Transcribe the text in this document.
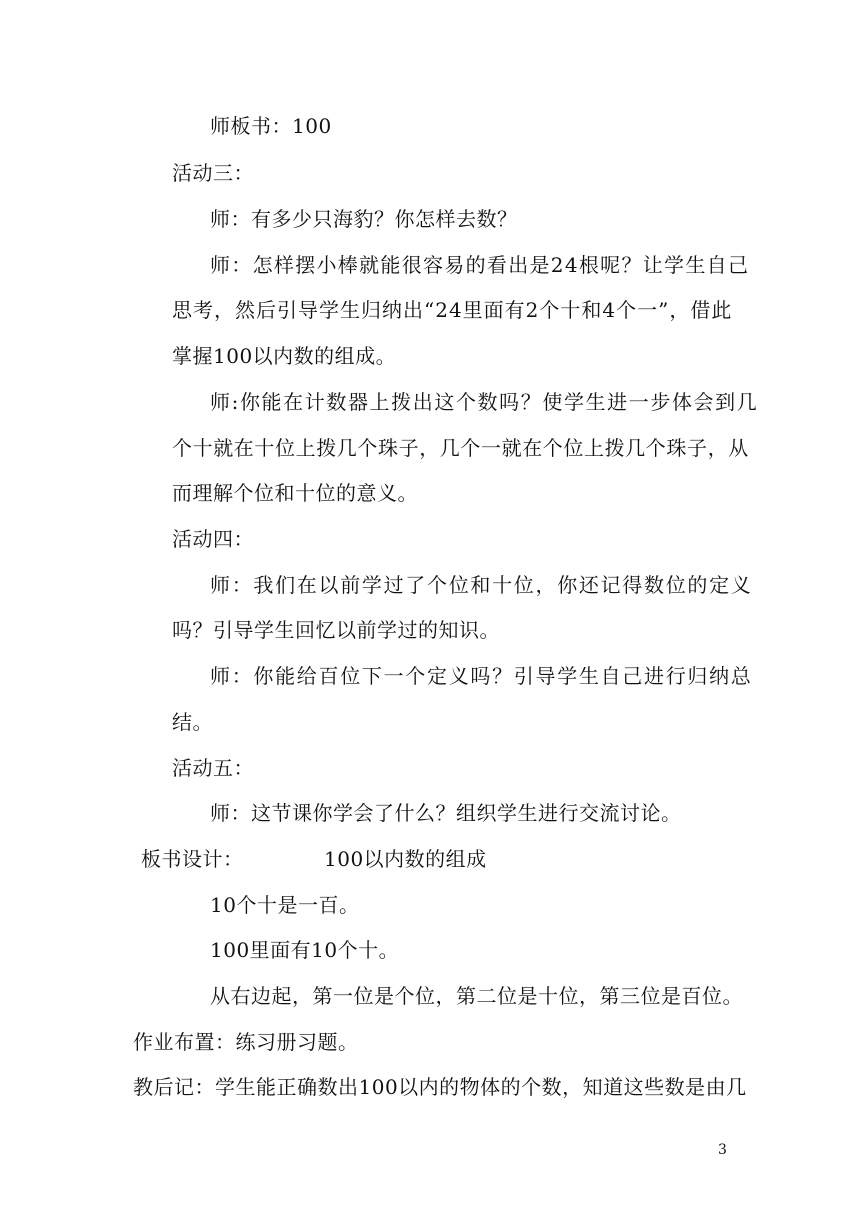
师板书：100
活动三：
师：有多少只海豹？你怎样去数？
师：怎样摆小棒就能很容易的看出是24根呢？让学生自己
思考，然后引导学生归纳出“24里面有2个十和4个一”，借此
掌握100以内数的组成。
师:你能在计数器上拨出这个数吗？使学生进一步体会到几
个十就在十位上拨几个珠子，几个一就在个位上拨几个珠子，从
而理解个位和十位的意义。
活动四：
师：我们在以前学过了个位和十位，你还记得数位的定义
吗？引导学生回忆以前学过的知识。
师：你能给百位下一个定义吗？引导学生自己进行归纳总
结。
活动五：
师：这节课你学会了什么？组织学生进行交流讨论。
板书设计：	100以内数的组成
10个十是一百。
100里面有10个十。
从右边起，第一位是个位，第二位是十位，第三位是百位。
作业布置：练习册习题。
教后记：学生能正确数出100以内的物体的个数，知道这些数是由几
3
